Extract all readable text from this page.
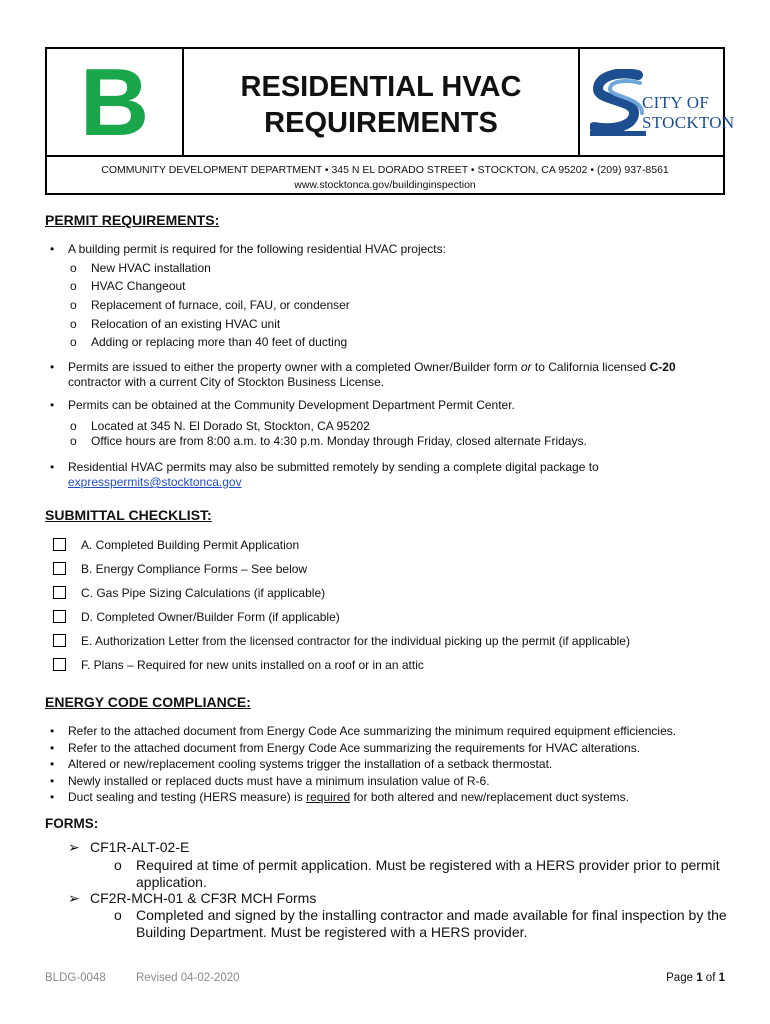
B	RESIDENTIAL HVAC
REQUIREMENTS
CITY OF
STOCKTON
COMMUNITY DEVELOPMENT DEPARTMENT • 345 N EL DORADO STREET • STOCKTON, CA 95202 • (209) 937-8561
www.stocktonca.gov/buildinginspection
PERMIT REQUIREMENTS:
• A building permit is required for the following residential HVAC projects:
o New HVAC installation
o HVAC Changeout
o Replacement of furnace, coil, FAU, or condenser
o Relocation of an existing HVAC unit
o Adding or replacing more than 40 feet of ducting
• Permits are issued to either the property owner with a completed Owner/Builder form or to California licensed C-20
contractor with a current City of Stockton Business License.
• Permits can be obtained at the Community Development Department Permit Center.
o Located at 345 N. El Dorado St, Stockton, CA 95202
o Office hours are from 8:00 a.m. to 4:30 p.m. Monday through Friday, closed alternate Fridays.
• Residential HVAC permits may also be submitted remotely by sending a complete digital package to
expresspermits@stocktonca.gov
SUBMITTAL CHECKLIST:
A. Completed Building Permit Application
B. Energy Compliance Forms – See below
C. Gas Pipe Sizing Calculations (if applicable)
D. Completed Owner/Builder Form (if applicable)
E. Authorization Letter from the licensed contractor for the individual picking up the permit (if applicable)
F. Plans – Required for new units installed on a roof or in an attic
ENERGY CODE COMPLIANCE:
• Refer to the attached document from Energy Code Ace summarizing the minimum required equipment efficiencies.
• Refer to the attached document from Energy Code Ace summarizing the requirements for HVAC alterations.
• Altered or new/replacement cooling systems trigger the installation of a setback thermostat.
• Newly installed or replaced ducts must have a minimum insulation value of R-6.
• Duct sealing and testing (HERS measure) is required for both altered and new/replacement duct systems.
FORMS:
➢ CF1R-ALT-02-E
o Required at time of permit application. Must be registered with a HERS provider prior to permit application.
➢ CF2R-MCH-01 & CF3R MCH Forms
o Completed and signed by the installing contractor and made available for final inspection by the Building Department. Must be registered with a HERS provider.
BLDG-0048	Revised 04-02-2020	Page 1 of 1
